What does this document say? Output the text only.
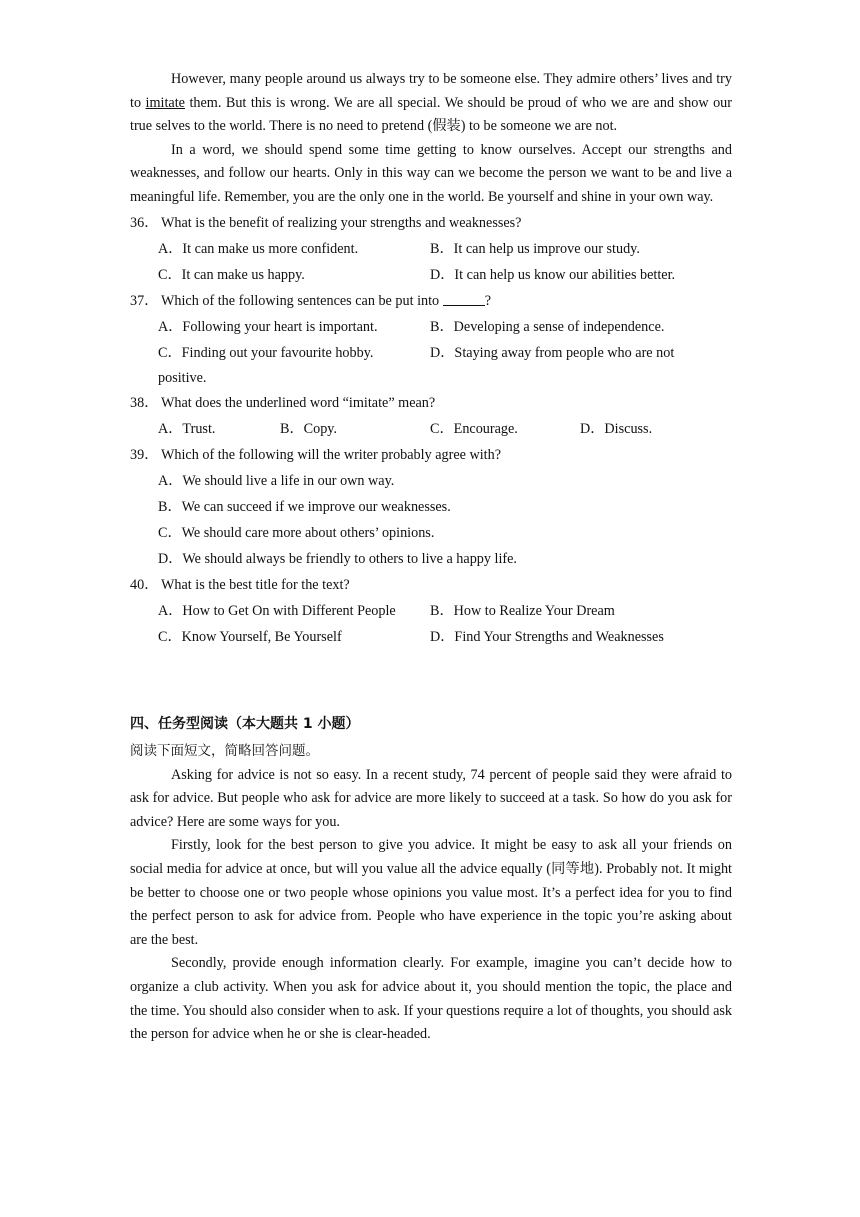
However, many people around us always try to be someone else. They admire others’ lives and try to imitate them. But this is wrong. We are all special. We should be proud of who we are and show our true selves to the world. There is no need to pretend (假装) to be someone we are not.

In a word, we should spend some time getting to know ourselves. Accept our strengths and weaknesses, and follow our hearts. Only in this way can we become the person we want to be and live a meaningful life. Remember, you are the only one in the world. Be yourself and shine in your own way.

36． What is the benefit of realizing your strengths and weaknesses?
A．It can make us more confident.	B．It can help us improve our study.
C．It can make us happy.	D．It can help us know our abilities better.
37． Which of the following sentences can be put into	?
A．Following your heart is important.	B．Developing a sense of independence.
C．Finding out your favourite hobby.	D．Staying away from people who are not
positive.
38． What does the underlined word “imitate” mean?
A．Trust.	B．Copy.	C．Encourage.	D．Discuss.
39． Which of the following will the writer probably agree with?
A．We should live a life in our own way.
B．We can succeed if we improve our weaknesses.
C．We should care more about others’ opinions.
D．We should always be friendly to others to live a happy life.
40． What is the best title for the text?
A．How to Get On with Different People B．How to Realize Your Dream
C．Know Yourself, Be Yourself	D．Find Your Strengths and Weaknesses
四、任务型阅读（本大题共 1 小题）
阅读下面短文，简略回答问题。

Asking for advice is not so easy. In a recent study, 74 percent of people said they were afraid to ask for advice. But people who ask for advice are more likely to succeed at a task. So how do you ask for advice? Here are some ways for you.

Firstly, look for the best person to give you advice. It might be easy to ask all your friends on social media for advice at once, but will you value all the advice equally (同等地). Probably not. It might be better to choose one or two people whose opinions you value most. It’s a perfect idea for you to find the perfect person to ask for advice from. People who have experience in the topic you’re asking about are the best.

Secondly, provide enough information clearly. For example, imagine you can’t decide how to organize a club activity. When you ask for advice about it, you should mention the topic, the place and the time. You should also consider when to ask. If your questions require a lot of thoughts, you should ask the person for advice when he or she is clear-headed.
